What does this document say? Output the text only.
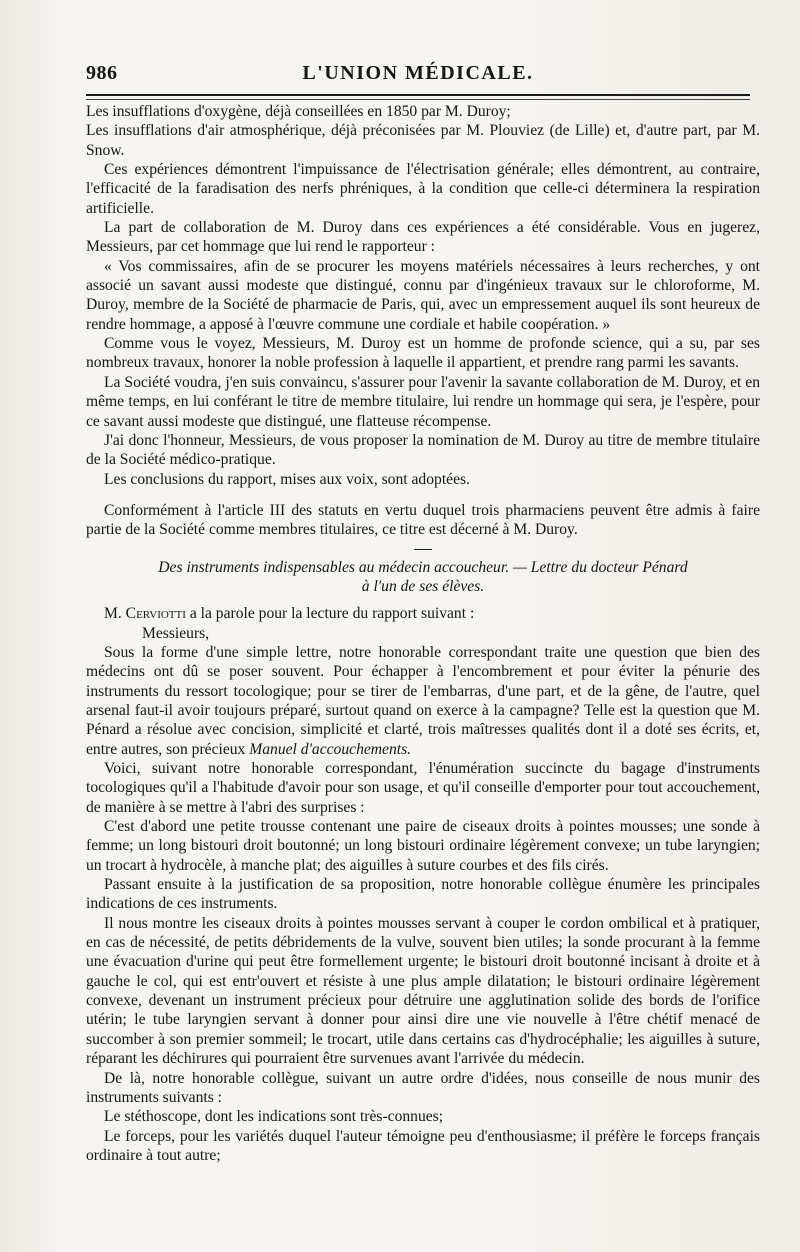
986	L'UNION MÉDICALE.

Les insufflations d'oxygène, déjà conseillées en 1850 par M. Duroy;

Les insufflations d'air atmosphérique, déjà préconisées par M. Plouviez (de Lille) et, d'autre part, par M. Snow.

Ces expériences démontrent l'impuissance de l'électrisation générale; elles démontrent, au contraire, l'efficacité de la faradisation des nerfs phréniques, à la condition que celle-ci déterminera la respiration artificielle.

La part de collaboration de M. Duroy dans ces expériences a été considérable. Vous en jugerez, Messieurs, par cet hommage que lui rend le rapporteur :

« Vos commissaires, afin de se procurer les moyens matériels nécessaires à leurs recherches, y ont associé un savant aussi modeste que distingué, connu par d'ingénieux travaux sur le chloroforme, M. Duroy, membre de la Société de pharmacie de Paris, qui, avec un empressement auquel ils sont heureux de rendre hommage, a apposé à l'œuvre commune une cordiale et habile coopération. »

Comme vous le voyez, Messieurs, M. Duroy est un homme de profonde science, qui a su, par ses nombreux travaux, honorer la noble profession à laquelle il appartient, et prendre rang parmi les savants.

La Société voudra, j'en suis convaincu, s'assurer pour l'avenir la savante collaboration de M. Duroy, et en même temps, en lui conférant le titre de membre titulaire, lui rendre un hommage qui sera, je l'espère, pour ce savant aussi modeste que distingué, une flatteuse récompense.

J'ai donc l'honneur, Messieurs, de vous proposer la nomination de M. Duroy au titre de membre titulaire de la Société médico-pratique.

Les conclusions du rapport, mises aux voix, sont adoptées.

Conformément à l'article III des statuts en vertu duquel trois pharmaciens peuvent être admis à faire partie de la Société comme membres titulaires, ce titre est décerné à M. Duroy.

Des instruments indispensables au médecin accoucheur. — Lettre du docteur Pénard
à l'un de ses élèves.

M. Cerviotti a la parole pour la lecture du rapport suivant :

Messieurs,

Sous la forme d'une simple lettre, notre honorable correspondant traite une question que bien des médecins ont dû se poser souvent. Pour échapper à l'encombrement et pour éviter la pénurie des instruments du ressort tocologique; pour se tirer de l'embarras, d'une part, et de la gêne, de l'autre, quel arsenal faut-il avoir toujours préparé, surtout quand on exerce à la campagne? Telle est la question que M. Pénard a résolue avec concision, simplicité et clarté, trois maîtresses qualités dont il a doté ses écrits, et, entre autres, son précieux Manuel d'accouchements.

Voici, suivant notre honorable correspondant, l'énumération succincte du bagage d'instruments tocologiques qu'il a l'habitude d'avoir pour son usage, et qu'il conseille d'emporter pour tout accouchement, de manière à se mettre à l'abri des surprises :

C'est d'abord une petite trousse contenant une paire de ciseaux droits à pointes mousses; une sonde à femme; un long bistouri droit boutonné; un long bistouri ordinaire légèrement convexe; un tube laryngien; un trocart à hydrocèle, à manche plat; des aiguilles à suture courbes et des fils cirés.

Passant ensuite à la justification de sa proposition, notre honorable collègue énumère les principales indications de ces instruments.

Il nous montre les ciseaux droits à pointes mousses servant à couper le cordon ombilical et à pratiquer, en cas de nécessité, de petits débridements de la vulve, souvent bien utiles; la sonde procurant à la femme une évacuation d'urine qui peut être formellement urgente; le bistouri droit boutonné incisant à droite et à gauche le col, qui est entr'ouvert et résiste à une plus ample dilatation; le bistouri ordinaire légèrement convexe, devenant un instrument précieux pour détruire une agglutination solide des bords de l'orifice utérin; le tube laryngien servant à donner pour ainsi dire une vie nouvelle à l'être chétif menacé de succomber à son premier sommeil; le trocart, utile dans certains cas d'hydrocéphalie; les aiguilles à suture, réparant les déchirures qui pourraient être survenues avant l'arrivée du médecin.

De là, notre honorable collègue, suivant un autre ordre d'idées, nous conseille de nous munir des instruments suivants :

Le stéthoscope, dont les indications sont très-connues;

Le forceps, pour les variétés duquel l'auteur témoigne peu d'enthousiasme; il préfère le forceps français ordinaire à tout autre;
